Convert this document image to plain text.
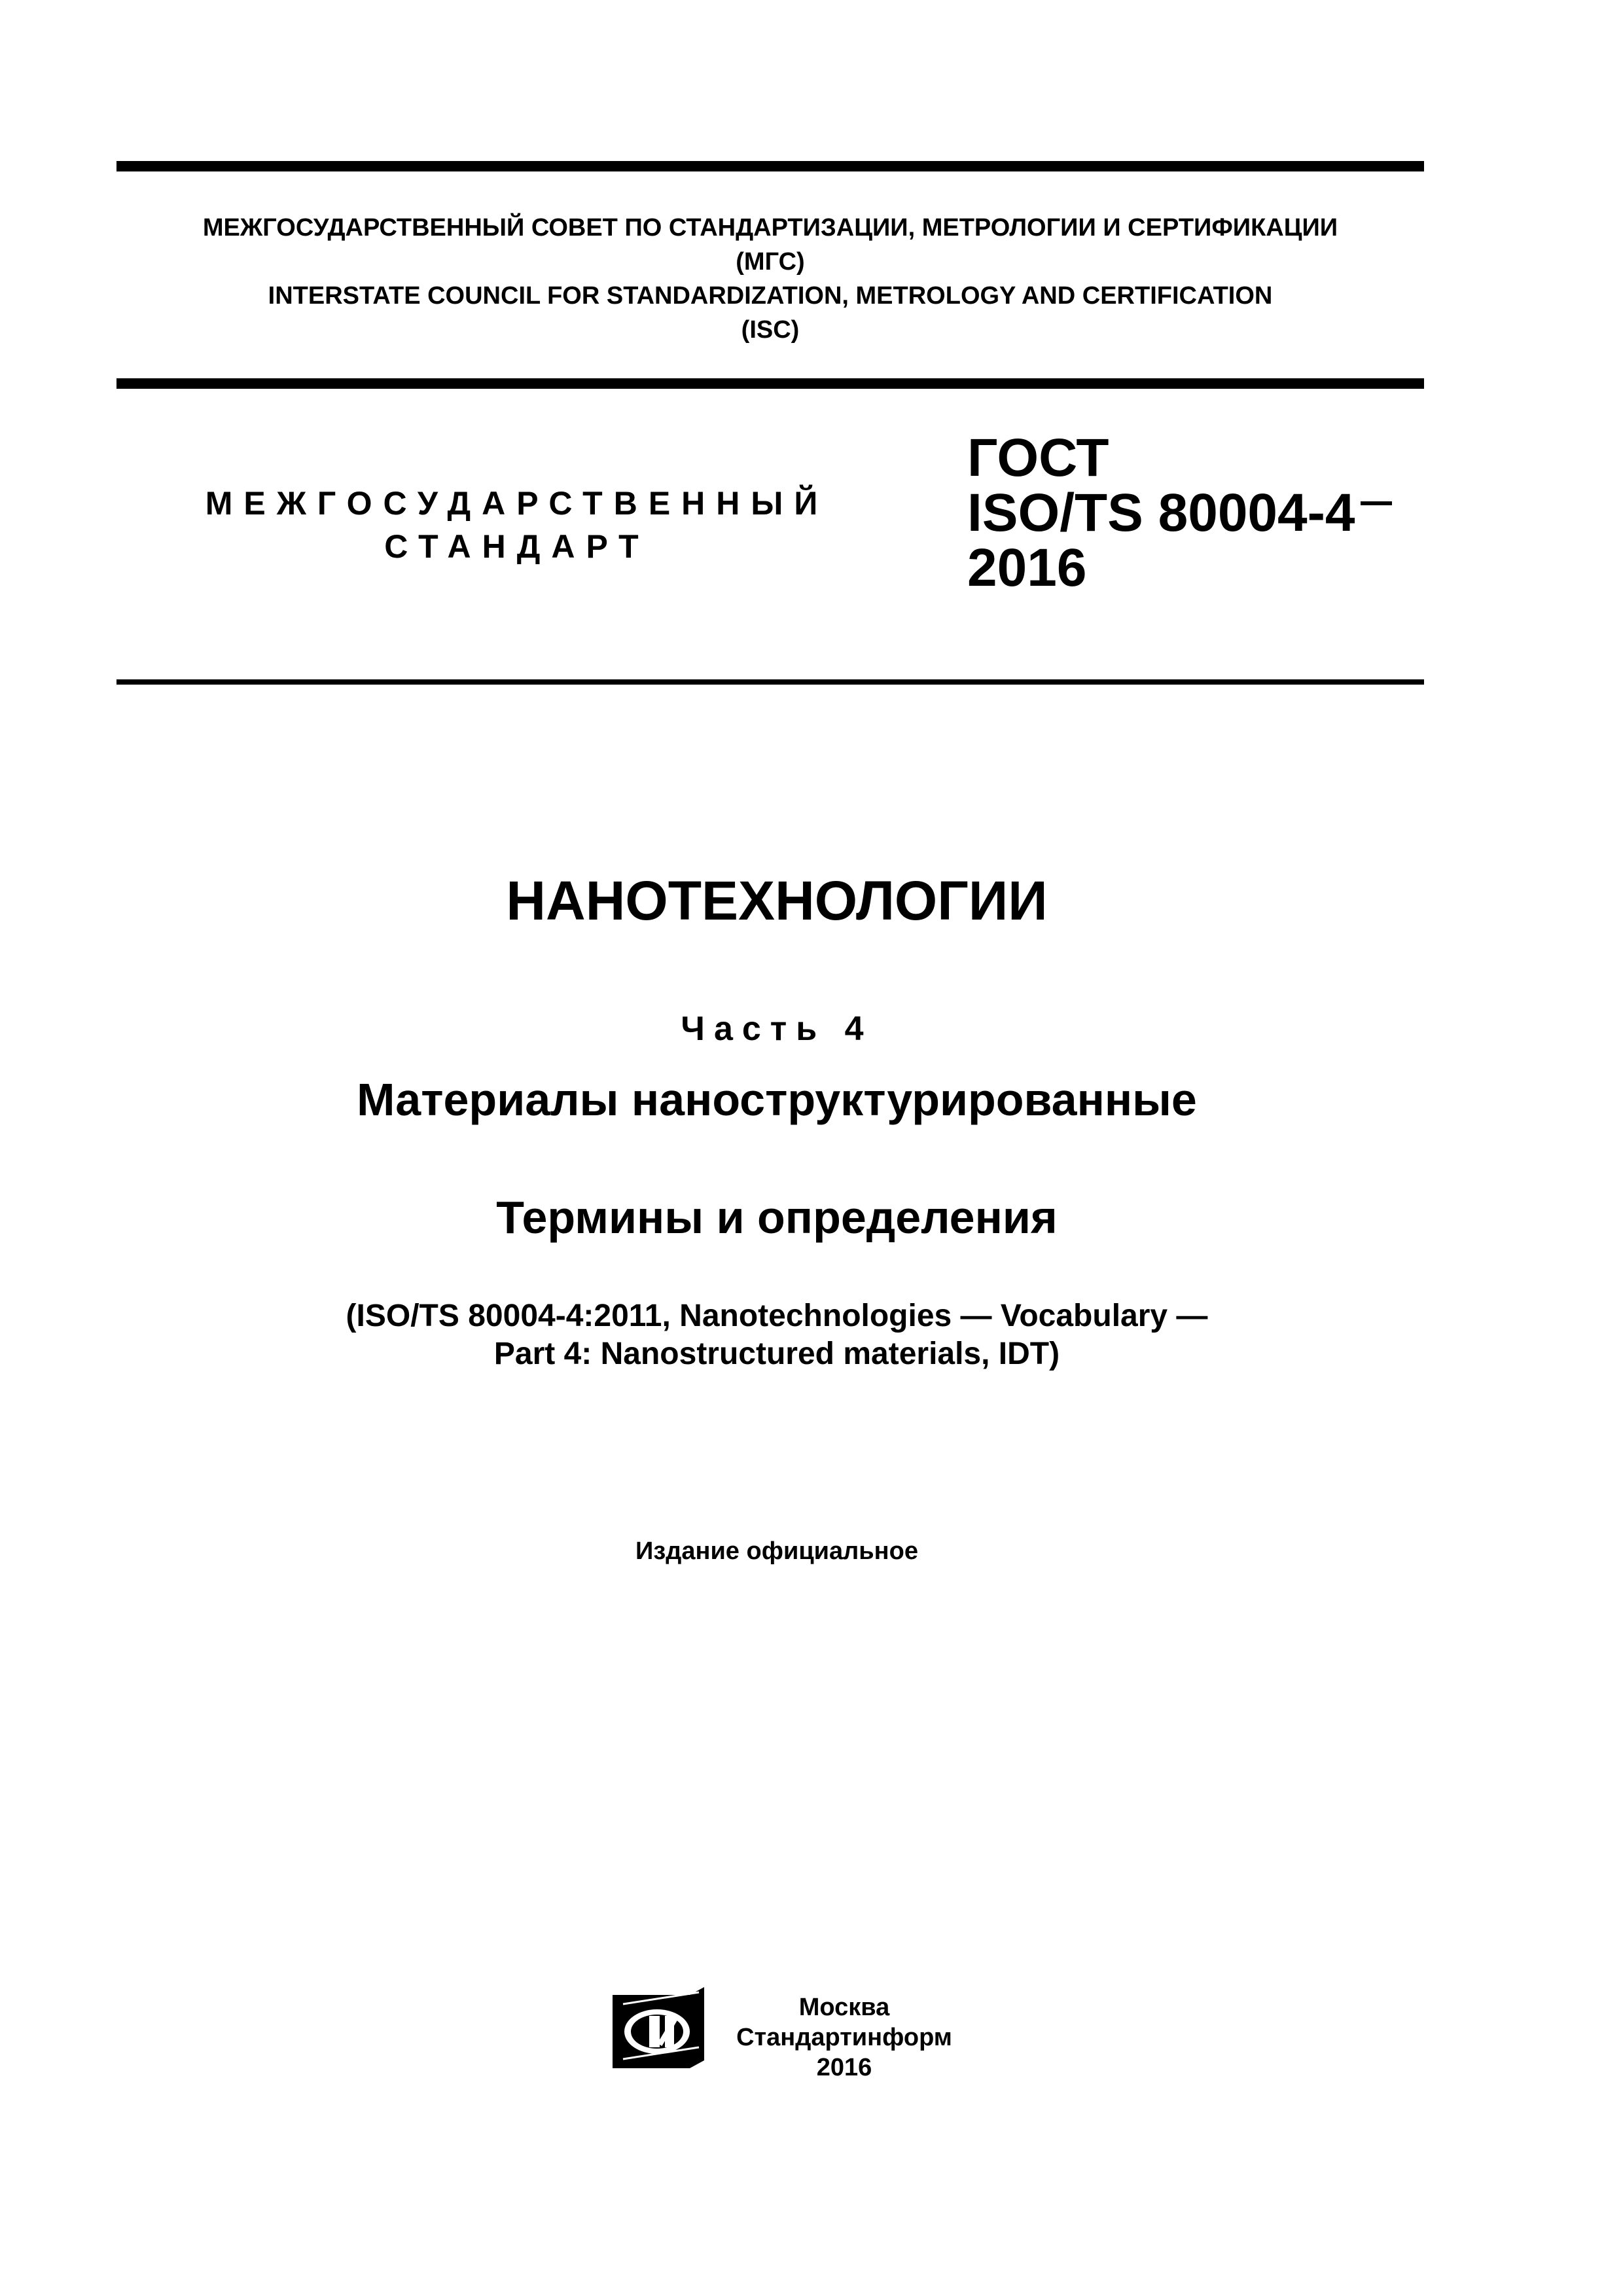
МЕЖГОСУДАРСТВЕННЫЙ СОВЕТ ПО СТАНДАРТИЗАЦИИ, МЕТРОЛОГИИ И СЕРТИФИКАЦИИ
(МГС)
INTERSTATE COUNCIL FOR STANDARDIZATION, METROLOGY AND CERTIFICATION
(ISC)
МЕЖГОСУДАРСТВЕННЫЙ
СТАНДАРТ
ГОСТ
ISO/TS 80004-4
2016
НАНОТЕХНОЛОГИИ
Часть 4
Материалы наноструктурированные
Термины и определения
(ISO/TS 80004-4:2011, Nanotechnologies — Vocabulary —
Part 4: Nanostructured materials, IDT)
Издание официальное
Москва
Стандартинформ
2016
